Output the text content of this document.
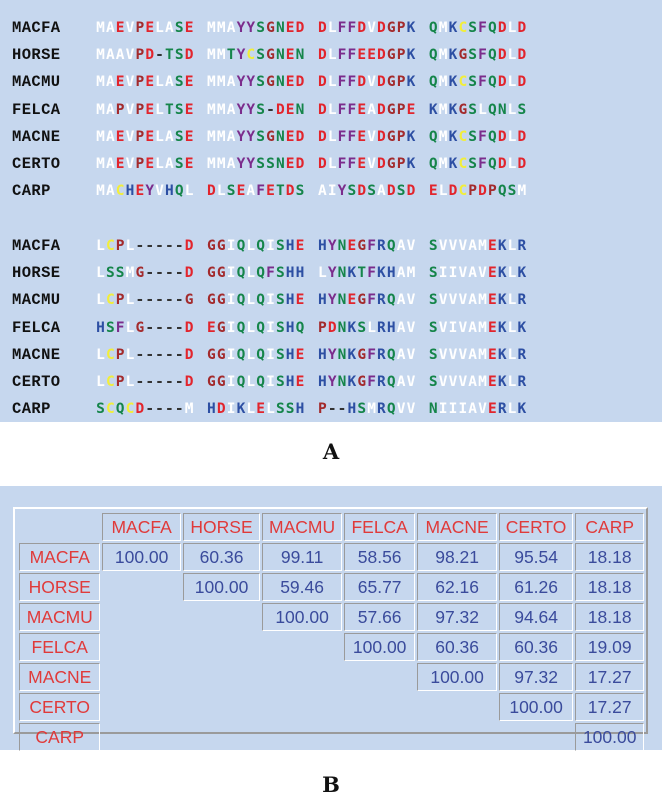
MACFA	MAEVPELASE MMAYYSGNED DLFFDVDGPK QMKCSFQDLD
HORSE	MAAVPD-TSD MMTYCSGNEN DLFFEEDGPK QMKGSFQDLD
MACMU	MAEVPELASE MMAYYSGNED DLFFDVDGPK QMKCSFQDLD
FELCA	MAPVPELTSE MMAYYS-DEN DLFFEADGPE KMKGSLQNLS
MACNE	MAEVPELASE MMAYYSGNED DLFFEVDGPK QMKCSFQDLD
CERTO	MAEVPELASE MMAYYSSNED DLFFEVDGPK QMKCSFQDLD
CARP	MACHEYVHQL DLSEAFETDS AIYSDSADSD ELDCPDPQSM
MACFA	LCPL-----D GGIQLQISHE HYNEGFRQAV SVVVAMEKLR
HORSE	LSSMG----D GGIQLQFSHH LYNKTFKHAM SIIVAVEKLK
MACMU	LCPL-----G GGIQLQISHE HYNEGFRQAV SVVVAMEKLR
FELCA	HSFLG----D EGIQLQISHQ PDNKSLRHAV SVIVAMEKLK
MACNE	LCPL-----D GGIQLQISHE HYNKGFRQAV SVVVAMEKLR
CERTO	LCPL-----D GGIQLQISHE HYNKGFRQAV SVVVAMEKLR
CARP	SCQCD----M HDIKLELSSH P--HSMRQVV NIIIAVERLK
A
	MACFA	HORSE	MACMU	FELCA	MACNE	CERTO	CARP
MACFA	100.00	60.36	99.11	58.56	98.21	95.54	18.18
HORSE		100.00	59.46	65.77	62.16	61.26	18.18
MACMU			100.00	57.66	97.32	94.64	18.18
FELCA				100.00	60.36	60.36	19.09
MACNE					100.00	97.32	17.27
CERTO						100.00	17.27
CARP							100.00
B
